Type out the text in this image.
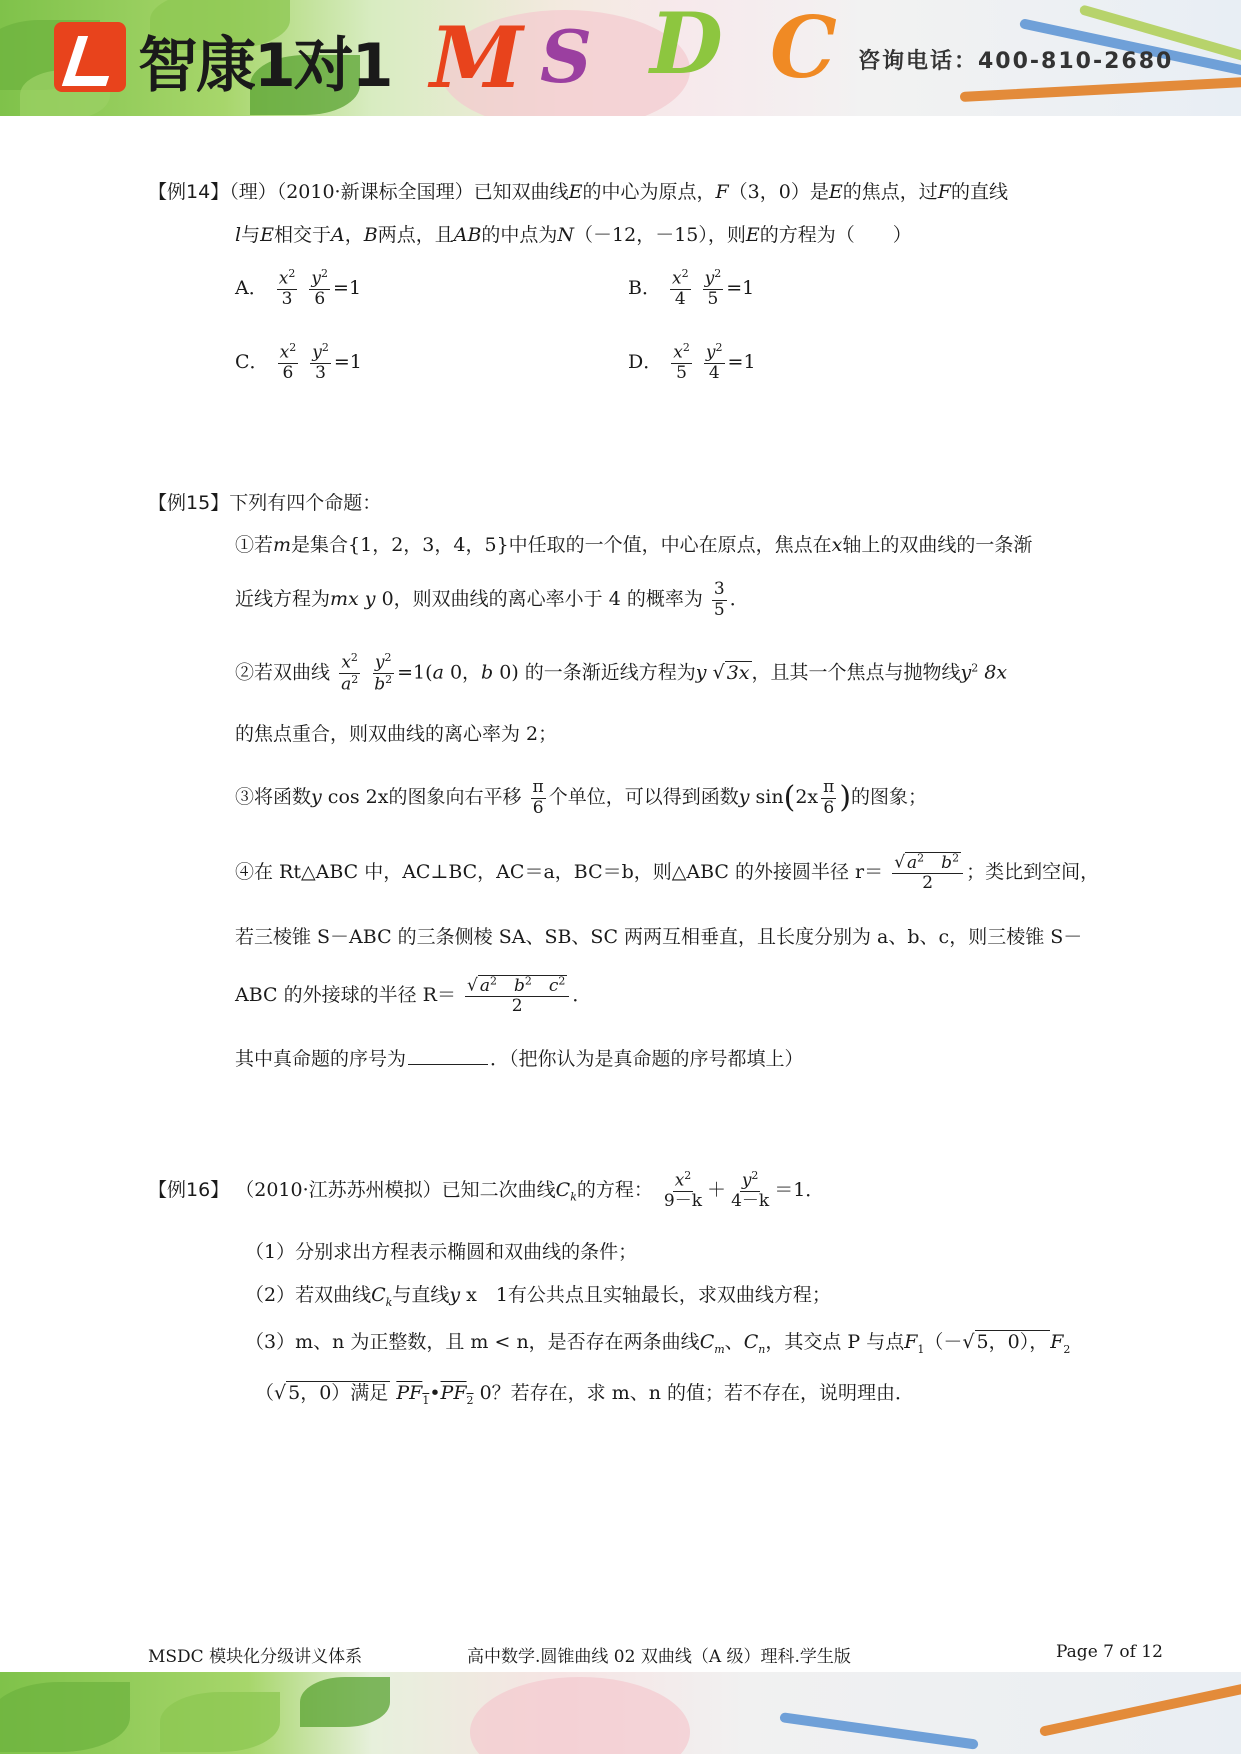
智康1对1 M S D C 咨询电话：400-810-2680
【例14】（理）（2010·新课标全国理）已知双曲线E的中心为原点，F（3，0）是E的焦点，过F的直线
l与E相交于A，B两点，且AB的中点为N（－12，－15），则E的方程为（　　）
A． $\frac{x^2}{3}$
$\frac{y^2}{6} =1$	B． $\frac{x^2}{4}$
$\frac{y^2}{5} =1$
C． $\frac{x^2}{6}$
$\frac{y^2}{3} =1$	D． $\frac{x^2}{5}$
$\frac{y^2}{4} =1$
【例15】下列有四个命题：
①若m是集合{1，2，3，4，5}中任取的一个值，中心在原点，焦点在x轴上的双曲线的一条渐
近线方程为mx y 0，则双曲线的离心率小于 4 的概率为 $\frac{3}{5}$ ．
②若双曲线 $\frac{x^2}{a^2}$
$\frac{y^2}{b^2} =1(a$ 0，b 0) 的一条渐近线方程为y √ 3x ，且其一个焦点与抛物线$y^2$ 8x
的焦点重合，则双曲线的离心率为 2；
③将函数y cos 2x的图象向右平移 $\frac{\pi}{6}$ 个单位，可以得到函数y $\sin(2x \frac{\pi}{6}$ )的图象；
④在 Rt△ABC 中，AC⊥BC，AC＝a，BC＝b，则△ABC 的外接圆半径 $r= \frac{√ a^2 b^2}{2}$ ；类比到空间，
若三棱锥 S－ABC 的三条侧棱 SA、SB、SC 两两互相垂直，且长度分别为 a、b、c，则三棱锥 S－
ABC 的外接球的半径 $R= \frac{√ a^2 b^2 c^2}{2}$ ．
其中真命题的序号为	．（把你认为是真命题的序号都填上）
【例16】 （2010·江苏苏州模拟）已知二次曲线$C_k$的方程： $\frac{x^2}{9-k} + \frac{y^2}{4-k} =1$．
（1）分别求出方程表示椭圆和双曲线的条件；
（2）若双曲线$C_k$与直线y x　1有公共点且实轴最长，求双曲线方程；
（3）m、n 为正整数，且 m < n，是否存在两条曲线$C_m$、$C_n$，其交点 P 与点$F_1(-√$ 5，0）， $F_2$
（√ 5，0）满足 $PF_1•PF_2$ 0？若存在，求 m、n 的值；若不存在，说明理由．
MSDC 模块化分级讲义体系	高中数学.圆锥曲线 02 双曲线（A 级）理科.学生版	Page 7 of 12
